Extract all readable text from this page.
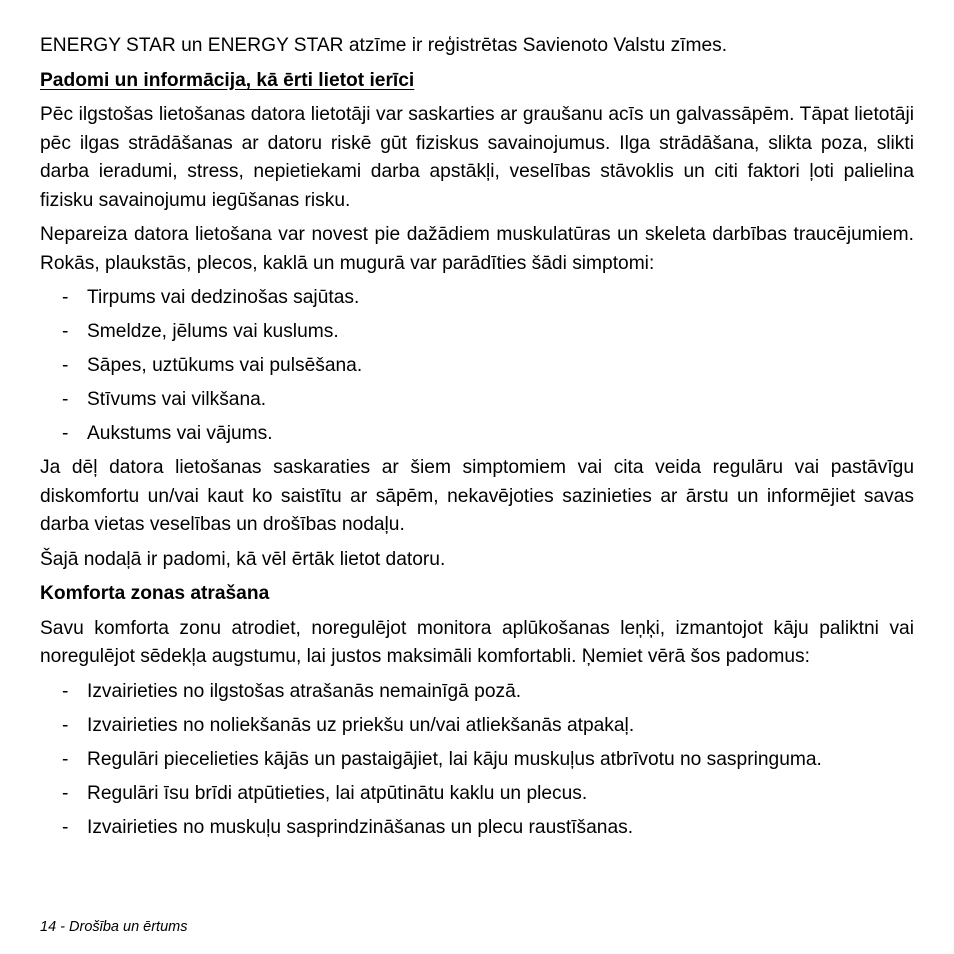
ENERGY STAR un ENERGY STAR atzīme ir reģistrētas Savienoto Valstu zīmes.

Padomi un informācija, kā ērti lietot ierīci

Pēc ilgstošas lietošanas datora lietotāji var saskarties ar graušanu acīs un galvassāpēm. Tāpat lietotāji pēc ilgas strādāšanas ar datoru riskē gūt fiziskus savainojumus. Ilga strādāšana, slikta poza, slikti darba ieradumi, stress, nepietiekami darba apstākļi, veselības stāvoklis un citi faktori ļoti palielina fizisku savainojumu iegūšanas risku.

Nepareiza datora lietošana var novest pie dažādiem muskulatūras un skeleta darbības traucējumiem. Rokās, plaukstās, plecos, kaklā un mugurā var parādīties šādi simptomi:

- Tirpums vai dedzinošas sajūtas.
- Smeldze, jēlums vai kuslums.
- Sāpes, uztūkums vai pulsēšana.
- Stīvums vai vilkšana.
- Aukstums vai vājums.

Ja dēļ datora lietošanas saskaraties ar šiem simptomiem vai cita veida regulāru vai pastāvīgu diskomfortu un/vai kaut ko saistītu ar sāpēm, nekavējoties sazinieties ar ārstu un informējiet savas darba vietas veselības un drošības nodaļu.

Šajā nodaļā ir padomi, kā vēl ērtāk lietot datoru.

Komforta zonas atrašana

Savu komforta zonu atrodiet, noregulējot monitora aplūkošanas leņķi, izmantojot kāju paliktni vai noregulējot sēdekļa augstumu, lai justos maksimāli komfortabli. Ņemiet vērā šos padomus:

- Izvairieties no ilgstošas atrašanās nemainīgā pozā.
- Izvairieties no noliekšanās uz priekšu un/vai atliekšanās atpakaļ.
- Regulāri piecelieties kājās un pastaigājiet, lai kāju muskuļus atbrīvotu no saspringuma.
- Regulāri īsu brīdi atpūtieties, lai atpūtinātu kaklu un plecus.
- Izvairieties no muskuļu sasprindzināšanas un plecu raustīšanas.
14 - Drošība un ērtums
